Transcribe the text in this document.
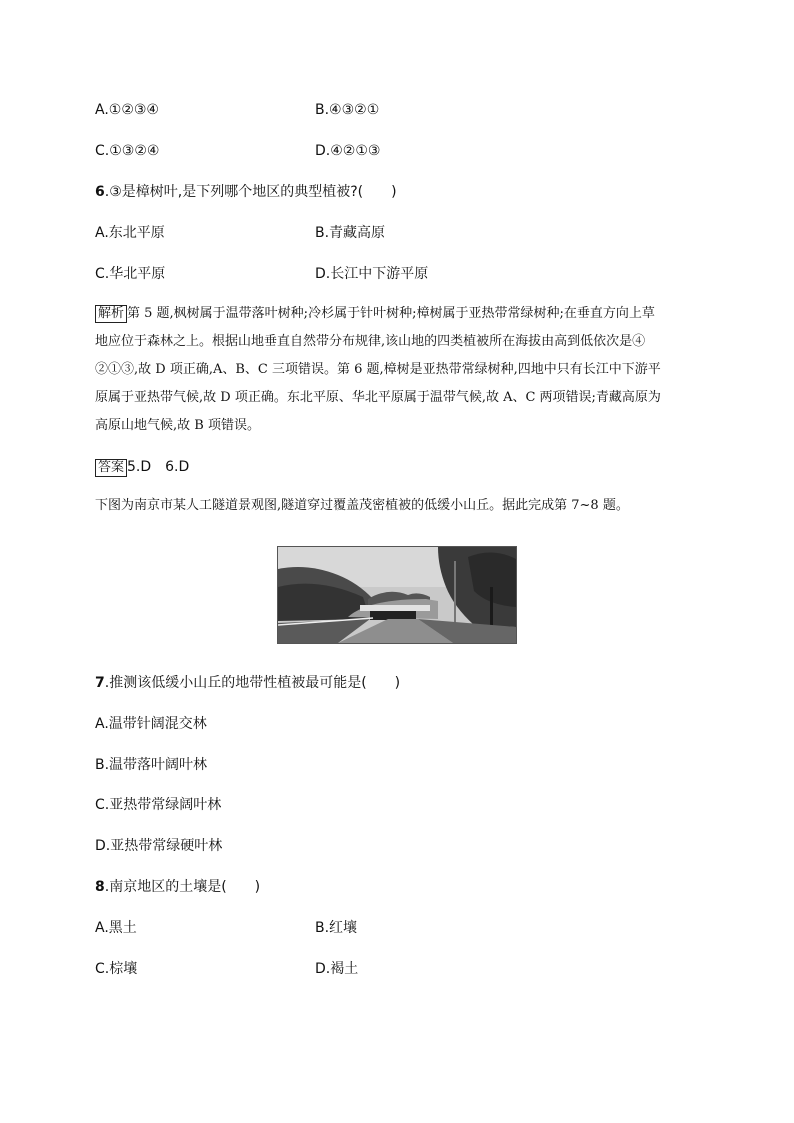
A.①②③④	B.④③②①
C.①③②④	D.④②①③
6.③是樟树叶,是下列哪个地区的典型植被?(　　)
A.东北平原	B.青藏高原
C.华北平原	D.长江中下游平原
解析 第 5 题,枫树属于温带落叶树种;冷杉属于针叶树种;樟树属于亚热带常绿树种;在垂直方向上草
地应位于森林之上。根据山地垂直自然带分布规律,该山地的四类植被所在海拔由高到低依次是④
②①③,故 D 项正确,A、B、C 三项错误。第 6 题,樟树是亚热带常绿树种,四地中只有长江中下游平
原属于亚热带气候,故 D 项正确。东北平原、华北平原属于温带气候,故 A、C 两项错误;青藏高原为
高原山地气候,故 B 项错误。
答案 5.D　6.D
下图为南京市某人工隧道景观图,隧道穿过覆盖茂密植被的低缓小山丘。据此完成第 7~8 题。
7.推测该低缓小山丘的地带性植被最可能是(　　)
A.温带针阔混交林
B.温带落叶阔叶林
C.亚热带常绿阔叶林
D.亚热带常绿硬叶林
8.南京地区的土壤是(　　)
A.黑土	B.红壤
C.棕壤	D.褐土
